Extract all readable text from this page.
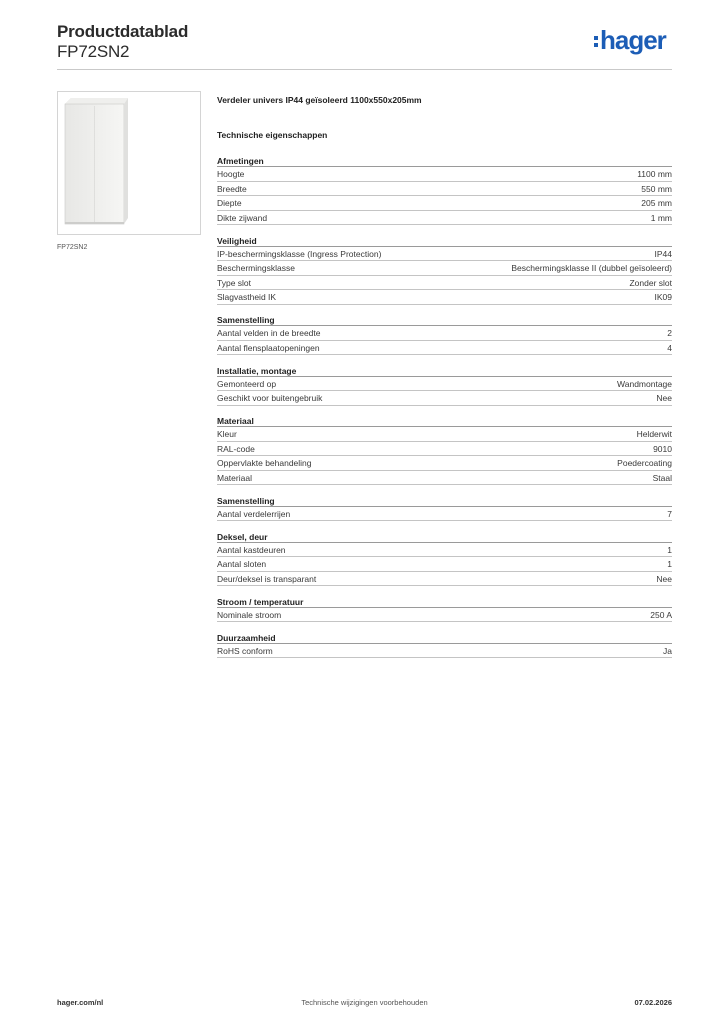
Productdatablad
FP72SN2	hager
FP72SN2
Verdeler univers IP44 geïsoleerd 1100x550x205mm
Technische eigenschappen
Afmetingen
Hoogte	1100 mm
Breedte	550 mm
Diepte	205 mm
Dikte zijwand	1 mm
Veiligheid
IP-beschermingsklasse (Ingress Protection)	IP44
Beschermingsklasse	Beschermingsklasse II (dubbel geïsoleerd)
Type slot	Zonder slot
Slagvastheid IK	IK09
Samenstelling
Aantal velden in de breedte	2
Aantal flensplaatopeningen	4
Installatie, montage
Gemonteerd op	Wandmontage
Geschikt voor buitengebruik	Nee
Materiaal
Kleur	Helderwit
RAL-code	9010
Oppervlakte behandeling	Poedercoating
Materiaal	Staal
Samenstelling
Aantal verdelerrijen	7
Deksel, deur
Aantal kastdeuren	1
Aantal sloten	1
Deur/deksel is transparant	Nee
Stroom / temperatuur
Nominale stroom	250 A
Duurzaamheid
RoHS conform	Ja
hager.com/nl	Technische wijzigingen voorbehouden	07.02.2026
